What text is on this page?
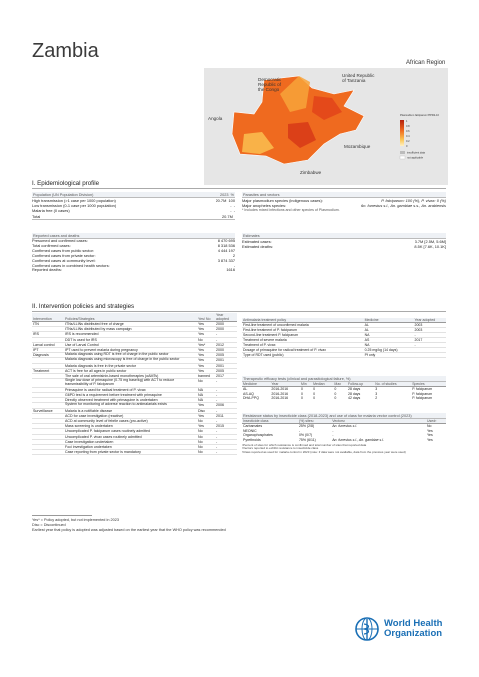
Zambia
African Region
Democratic
Republic of
the Congo
United Republic
of Tanzania
Angola
Mozambique
Zimbabwe
Plasmodium falciparum PfPR2-10
1
0.8
0.6
0.4
0.2
0
insufficient data
not applicable
I. Epidemiological profile
Population (UN Population Division)	2023 %
High transmission (>1 case per 1000 population)	20.7M 100
Low transmission (0-1 case per 1000 population)	- -
Malaria free (0 cases)	- -
Total	20.7M
Parasites and vectors
Major plasmodium species (indigenous cases):	P. falciparum: 100 (%), P. vivax: 0 (%)
Major anopheles species:	An. funestus s.l., An. gambiae s.s., An. arabiensis
* Includes mixed infections and other species of Plasmodium.
Reported cases and deaths
Presumed and confirmed cases:	8 470 695
Total confirmed cases:	8 318 536
Confirmed cases from public sector:	4 444 197
Confirmed cases from private sector:	2
Confirmed cases at community level:	3 874 337
Confirmed cases in combined health sectors:	-
Reported deaths:	1616
Estimates
Estimated cases:	3.7M [2.5M, 5.6M]
Estimated deaths:	8.5K [7.6K, 10.1K]
II. Intervention policies and strategies
Intervention	Policies/Strategies	Yes/ No	Year adopted
ITN	ITNs/LLINs distributed free of charge	Yes	2000
	ITNs/LLINs distributed by mass campaign	Yes	2000
IRS	IRS is recommended	Yes	-
	DDT is used for IRS	No	-
Larval control	Use of Larval Control	Yes*	2012
IPT	IPT used to prevent malaria during pregnancy	Yes	2000
Diagnosis	Malaria diagnosis using RDT is free of charge in the public sector	Yes	2005
	Malaria diagnosis using microscopy is free of charge in the public sector	Yes	2001
	Malaria diagnosis is free in the private sector	Yes	2001
Treatment	ACT is free for all ages in public sector	Yes	2005
	The sale of oral artemisinin-based monotherapies (oAMTs)	banned	2017
	Single low dose of primaquine (0.75 mg base/kg) with ACT to reduce transmissibility of P. falciparum	No	-
	Primaquine is used for radical treatment of P. vivax	NA	-
	G6PD test is a requirement before treatment with primaquine	NA	-
	Directly observed treatment with primaquine is undertaken	NA	-
	System for monitoring of adverse reaction to antimalarials exists	Yes	2006
Surveillance	Malaria is a notifiable disease	Disc	-
	ACD for case investigation (reactive)	Yes	2011
	ACD at community level of febrile cases (pro-active)	No	-
	Mass screening is undertaken	Yes	2015
	Uncomplicated P. falciparum cases routinely admitted	No	-
	Uncomplicated P. vivax cases routinely admitted	No	-
	Case investigation undertaken	No	-
	Foci investigation undertaken	No	-
	Case reporting from private sector is mandatory	No	-
Antimalaria treatment policy	Medicine	Year adopted
First-line treatment of unconfirmed malaria	AL	2003
First-line treatment of P. falciparum	AL	2003
Second-line treatment P. falciparum	NA	-
Treatment of severe malaria	AS	2017
Treatment of P. vivax	NA	-
Dosage of primaquine for radical treatment of P. vivax	0.25 mg/kg (14 days)	
Type of RDT used (public)	Pf only	
Therapeutic efficacy tests (clinical and parasitological failure, %)
Medicine	Year	Min	Median	Max	Follow-up	No. of studies	Species
AL	2016-2016	0	0	0	28 days	3	P. falciparum
AS-AQ	2016-2016	0	0	0	28 days	3	P. falciparum
DHA-PPQ	2016-2016	0	0	0	42 days	2	P. falciparum
Resistance status by insecticide class (2018-2023) and use of class for malaria vector control (2023)
Insecticide class	(%) sites¹	Vectors²	Used³
Carbamates	25% (2/8)	An. funestus s.l.	No
NEONIC	-	-	Yes
Organophosphates	0% (0/7)	-	Yes
Pyrethroids	75% (6/11)	An. funestus s.l., An. gambiae s.l.	Yes
¹Percent of sites for which resistance is confirmed and total number of sites that reported data
²Vectors reported to exhibit resistance to insecticide class
³Class reported as used for malaria control in 2023 (note: if data were not available, data from the previous year were used)
Yes* = Policy adopted, but not implemented in 2023
Disc = Discontinued
Earliest year that policy is adopted was adjusted based on the earliest year that the WHO policy was recommended
World Health
Organization
